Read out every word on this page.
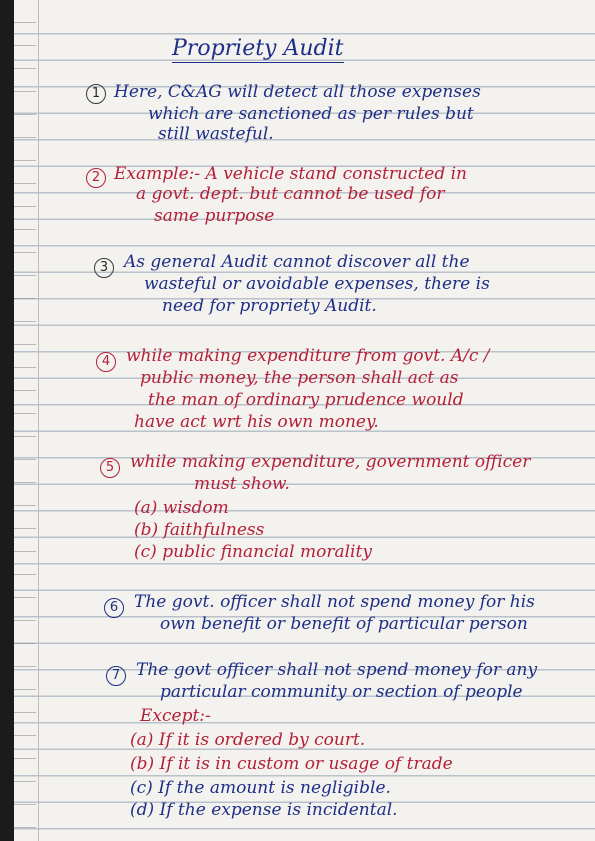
Propriety Audit
1 Here, C&AG will detect all those expenses
which are sanctioned as per rules but
still wasteful.
2 Example:- A vehicle stand constructed in
a govt. dept. but cannot be used for
same purpose
3 As general Audit cannot discover all the
wasteful or avoidable expenses, there is
need for propriety Audit.
4 while making expenditure from govt. A/c /
public money, the person shall act as
the man of ordinary prudence would
have act wrt his own money.
5 while making expenditure, government officer
must show.
(a) wisdom
(b) faithfulness
(c) public financial morality
6 The govt. officer shall not spend money for his
own benefit or benefit of particular person
7 The govt officer shall not spend money for any
particular community or section of people
Except:-
(a) If it is ordered by court.
(b) If it is in custom or usage of trade
(c) If the amount is negligible.
(d) If the expense is incidental.
